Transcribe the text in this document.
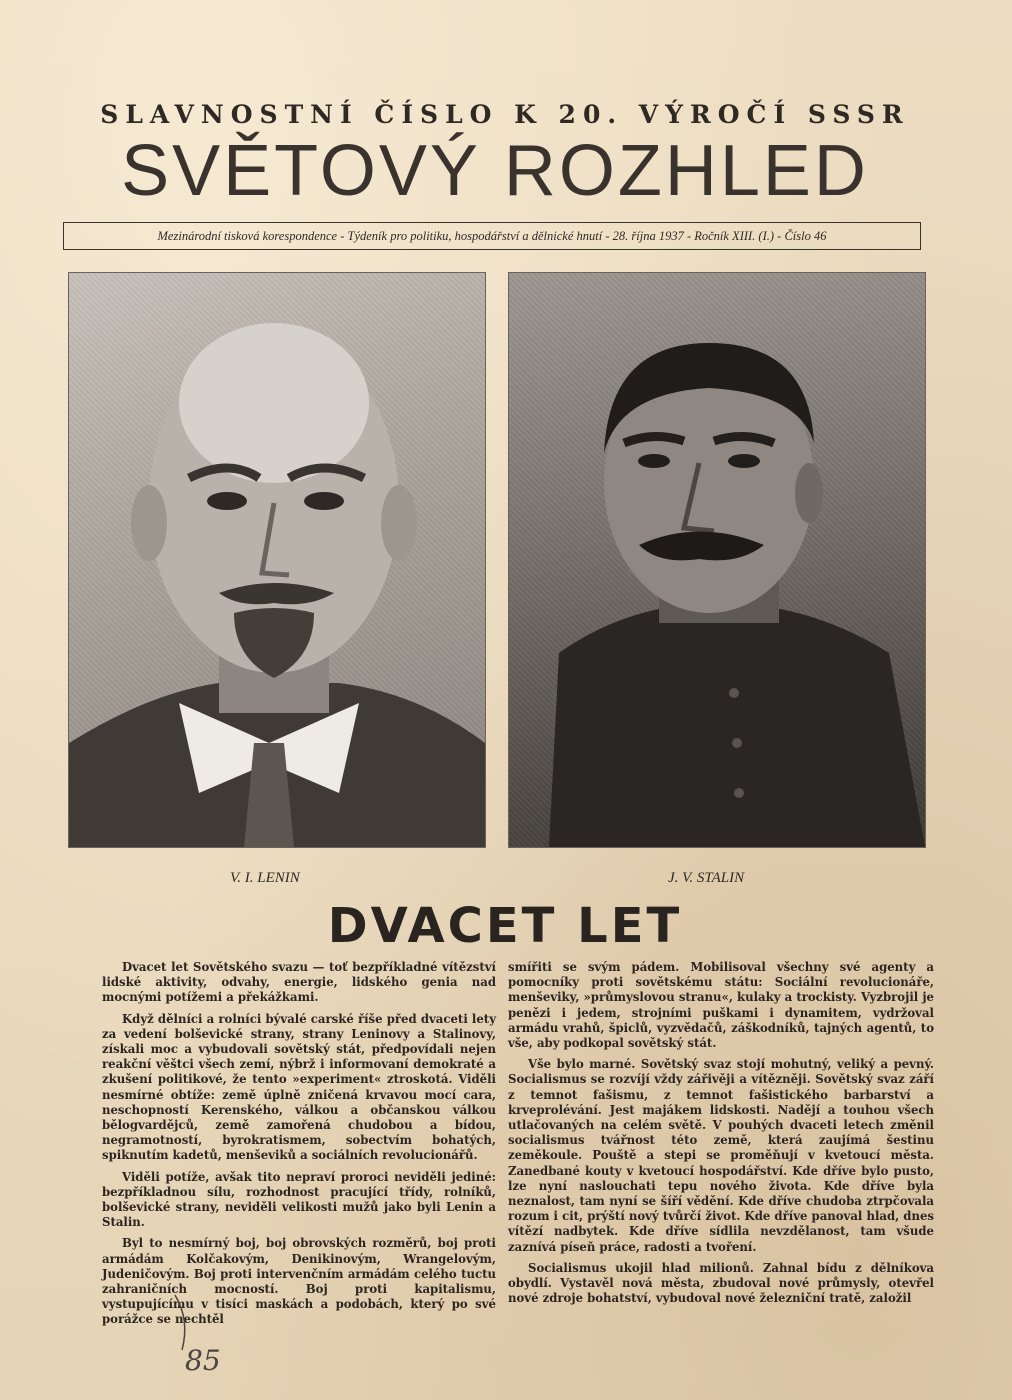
SLAVNOSTNÍ ČÍSLO K 20. VÝROČÍ SSSR
SVĚTOVÝ ROZHLED
Mezinárodní tisková korespondence - Týdeník pro politiku, hospodářství a dělnické hnutí - 28. října 1937 - Ročník XIII. (I.) - Číslo 46
V. I. LENIN	J. V. STALIN
DVACET LET

Dvacet let Sovětského svazu — toť bezpříkladné vítězství lidské aktivity, odvahy, energie, lidského genia nad mocnými potížemi a překážkami.

Když dělníci a rolníci bývalé carské říše před dvaceti lety za vedení bolševické strany, strany Leninovy a Stalinovy, získali moc a vybudovali sovětský stát, předpovídali nejen reakční věštci všech zemí, nýbrž i informovaní demokraté a zkušení politikové, že tento »experiment« ztroskotá. Viděli nesmírné obtíže: země úplně zničená krvavou mocí cara, neschopností Kerenského, válkou a občanskou válkou bělogvardějců, země zamořená chudobou a bídou, negramotností, byrokratismem, sobectvím bohatých, spiknutím kadetů, menševiků a sociálních revolucionářů.

Viděli potíže, avšak tito nepraví proroci neviděli jediné: bezpříkladnou sílu, rozhodnost pracující třídy, rolníků, bolševické strany, neviděli velikosti mužů jako byli Lenin a Stalin.

Byl to nesmírný boj, boj obrovských rozměrů, boj proti armádám Kolčakovým, Denikinovým, Wrangelovým, Judeničovým. Boj proti intervenčním armádám celého tuctu zahraničních mocností. Boj proti kapitalismu, vystupujícímu v tisíci maskách a podobách, který po své porážce se nechtěl

smířiti se svým pádem. Mobilisoval všechny své agenty a pomocníky proti sovětskému státu: Sociální revolucionáře, menševiky, »průmyslovou stranu«, kulaky a trockisty. Vyzbrojil je penězi i jedem, strojními puškami i dynamitem, vydržoval armádu vrahů, špiclů, vyzvědačů, záškodníků, tajných agentů, to vše, aby podkopal sovětský stát.

Vše bylo marné. Sovětský svaz stojí mohutný, veliký a pevný. Socialismus se rozvíjí vždy zářivěji a vítězněji. Sovětský svaz září z temnot fašismu, z temnot fašistického barbarství a krveprolévání. Jest majákem lidskosti. Nadějí a touhou všech utlačovaných na celém světě. V pouhých dvaceti letech změnil socialismus tvářnost této země, která zaujímá šestinu zeměkoule. Pouště a stepi se proměňují v kvetoucí města. Zanedbané kouty v kvetoucí hospodářství. Kde dříve bylo pusto, lze nyní naslouchati tepu nového života. Kde dříve byla neznalost, tam nyní se šíří vědění. Kde dříve chudoba ztrpčovala rozum i cit, prýští nový tvůrčí život. Kde dříve panoval hlad, dnes vítězí nadbytek. Kde dříve sídlila nevzdělanost, tam všude zaznívá píseň práce, radosti a tvoření.

Socialismus ukojil hlad milionů. Zahnal bídu z dělníkova obydlí. Vystavěl nová města, zbudoval nové průmysly, otevřel nové zdroje bohatství, vybudoval nové železniční tratě, založil

85
